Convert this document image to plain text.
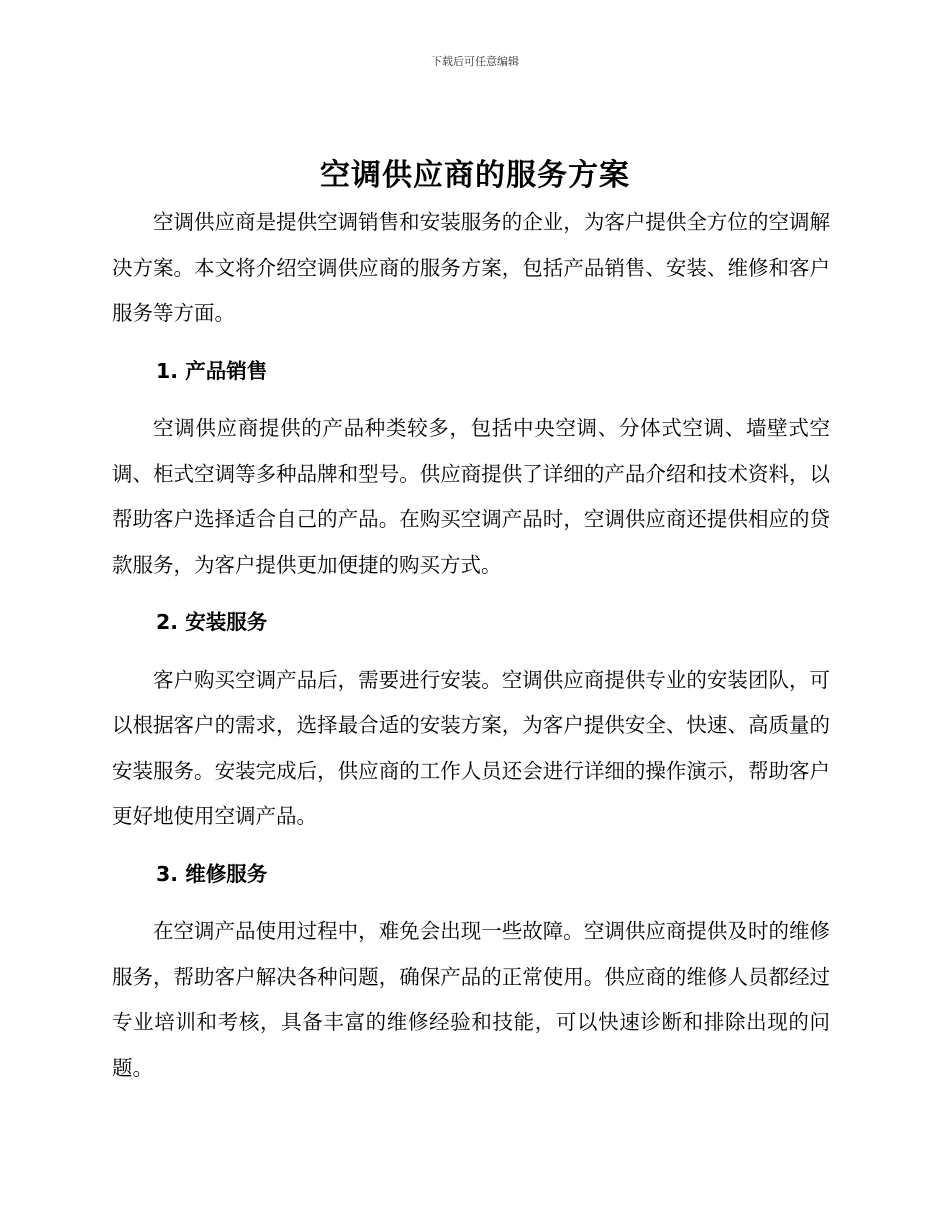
下载后可任意编辑
空调供应商的服务方案

空调供应商是提供空调销售和安装服务的企业，为客户提供全方位的空调解决方案。本文将介绍空调供应商的服务方案，包括产品销售、安装、维修和客户服务等方面。

1. 产品销售

空调供应商提供的产品种类较多，包括中央空调、分体式空调、墙壁式空调、柜式空调等多种品牌和型号。供应商提供了详细的产品介绍和技术资料，以帮助客户选择适合自己的产品。在购买空调产品时，空调供应商还提供相应的贷款服务，为客户提供更加便捷的购买方式。

2. 安装服务

客户购买空调产品后，需要进行安装。空调供应商提供专业的安装团队，可以根据客户的需求，选择最合适的安装方案，为客户提供安全、快速、高质量的安装服务。安装完成后，供应商的工作人员还会进行详细的操作演示，帮助客户更好地使用空调产品。

3. 维修服务

在空调产品使用过程中，难免会出现一些故障。空调供应商提供及时的维修服务，帮助客户解决各种问题，确保产品的正常使用。供应商的维修人员都经过专业培训和考核，具备丰富的维修经验和技能，可以快速诊断和排除出现的问题。
